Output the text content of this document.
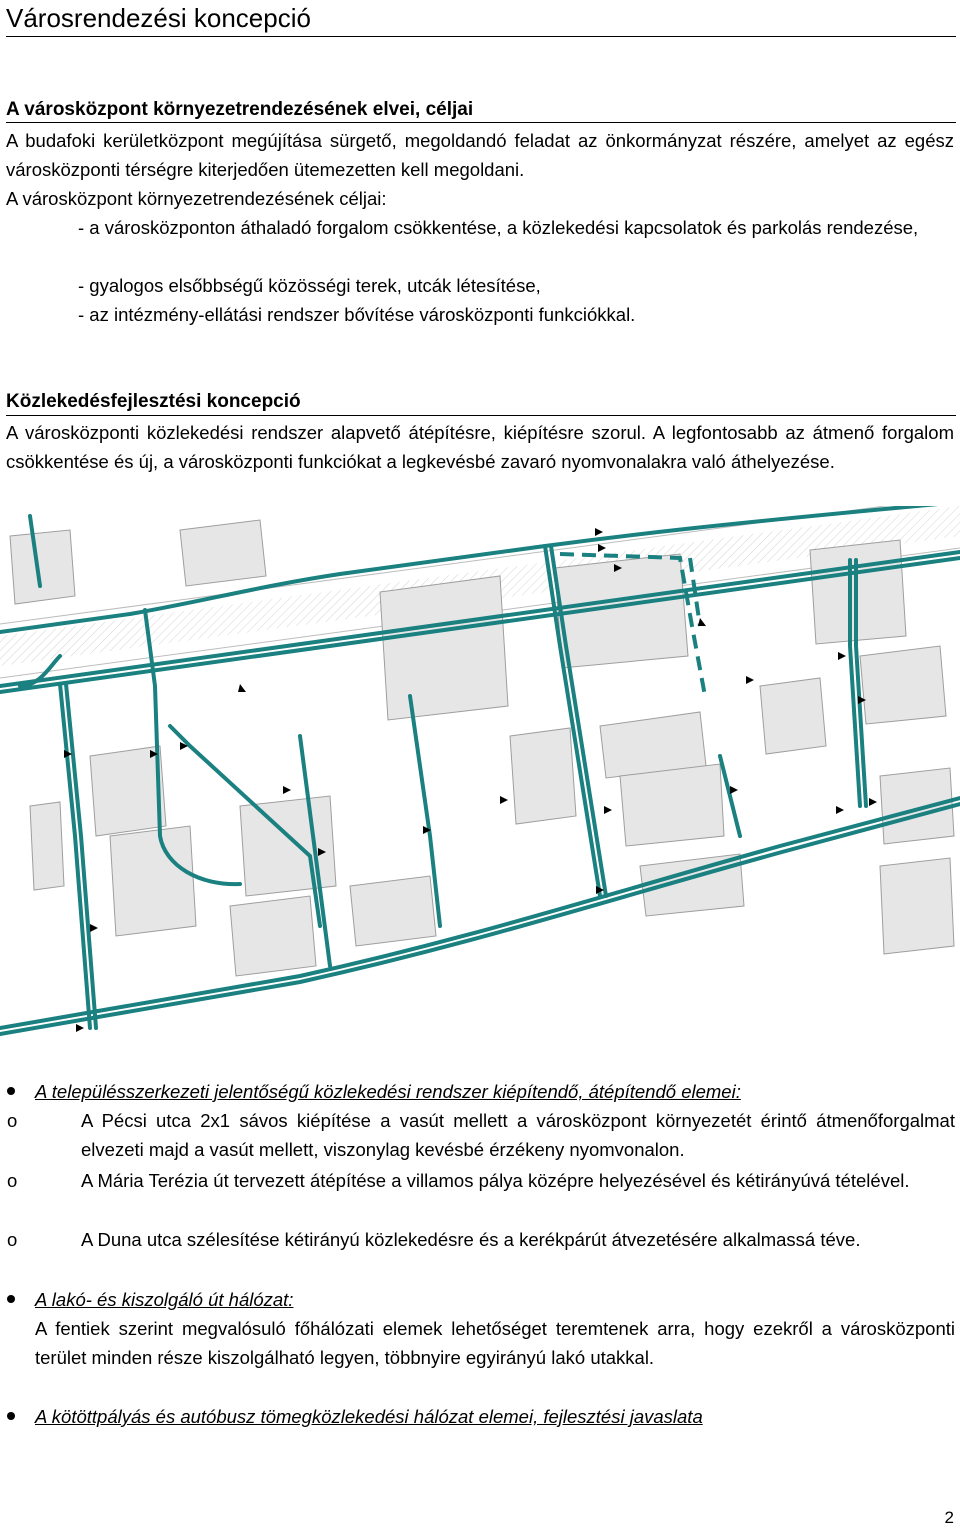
Városrendezési koncepció
A városközpont környezetrendezésének elvei, céljai

A budafoki kerületközpont megújítása sürgető, megoldandó feladat az önkormányzat részére, amelyet az egész városközponti térségre kiterjedően ütemezetten kell megoldani.

A városközpont környezetrendezésének céljai:

- a városközponton áthaladó forgalom csökkentése, a közlekedési kapcsolatok és parkolás rendezése,

- gyalogos elsőbbségű közösségi terek, utcák létesítése,

- az intézmény-ellátási rendszer bővítése városközponti funkciókkal.

Közlekedésfejlesztési koncepció

A városközponti közlekedési rendszer alapvető átépítésre, kiépítésre szorul. A legfontosabb az átmenő forgalom csökkentése és új, a városközponti funkciókat a legkevésbé zavaró nyomvonalakra való áthelyezése.

A településszerkezeti jelentőségű közlekedési rendszer kiépítendő, átépítendő elemei:

o	A Pécsi utca 2x1 sávos kiépítése a vasút mellett a városközpont környezetét érintő átmenőforgalmat elvezeti majd a vasút mellett, viszonylag kevésbé érzékeny nyomvonalon.

o	A Mária Terézia út tervezett átépítése a villamos pálya középre helyezésével és kétirányúvá tételével.

o	A Duna utca szélesítése kétirányú közlekedésre és a kerékpárút átvezetésére alkalmassá téve.

A lakó- és kiszolgáló út hálózat:

A fentiek szerint megvalósuló főhálózati elemek lehetőséget teremtenek arra, hogy ezekről a városközponti terület minden része kiszolgálható legyen, többnyire egyirányú lakó utakkal.

A kötöttpályás és autóbusz tömegközlekedési hálózat elemei, fejlesztési javaslata

2
